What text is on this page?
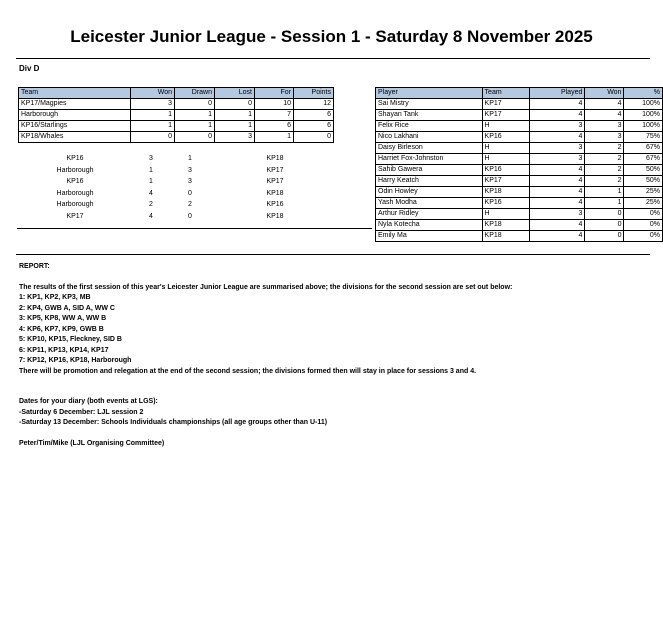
Leicester Junior League - Session 1 - Saturday 8 November 2025
Div D
Team	Won	Drawn	Lost	For	Points
KP17/Magpies	3	0	0	10	12
Harborough	1	1	1	7	6
KP16/Starlings	1	1	1	6	6
KP18/Whales	0	0	3	1	0
KP16	3	1	KP18
Harborough	1	3	KP17
KP16	1	3	KP17
Harborough	4	0	KP18
Harborough	2	2	KP16
KP17	4	0	KP18
Player	Team	Played	Won	%
Sai Mistry	KP17	4	4	100%
Shayan Tank	KP17	4	4	100%
Felix Rice	H	3	3	100%
Nico Lakhani	KP16	4	3	75%
Daisy Birleson	H	3	2	67%
Harriet Fox-Johnston	H	3	2	67%
Sahib Gawera	KP16	4	2	50%
Harry Keatch	KP17	4	2	50%
Odin Howley	KP18	4	1	25%
Yash Modha	KP16	4	1	25%
Arthur Ridley	H	3	0	0%
Nyla Kotecha	KP18	4	0	0%
Emily Ma	KP18	4	0	0%
REPORT:
The results of the first session of this year's Leicester Junior League are summarised above; the divisions for the second session are set out below:
1: KP1, KP2, KP3, MB
2: KP4, GWB A, SID A, WW C
3: KP5, KP8, WW A, WW B
4: KP6, KP7, KP9, GWB B
5: KP10, KP15, Fleckney, SID B
6: KP11, KP13, KP14, KP17
7: KP12, KP16, KP18, Harborough
There will be promotion and relegation at the end of the second session; the divisions formed then will stay in place for sessions 3 and 4.
Dates for your diary (both events at LGS):
-Saturday 6 December: LJL session 2
-Saturday 13 December: Schools Individuals championships (all age groups other than U-11)
Peter/Tim/Mike (LJL Organising Committee)
